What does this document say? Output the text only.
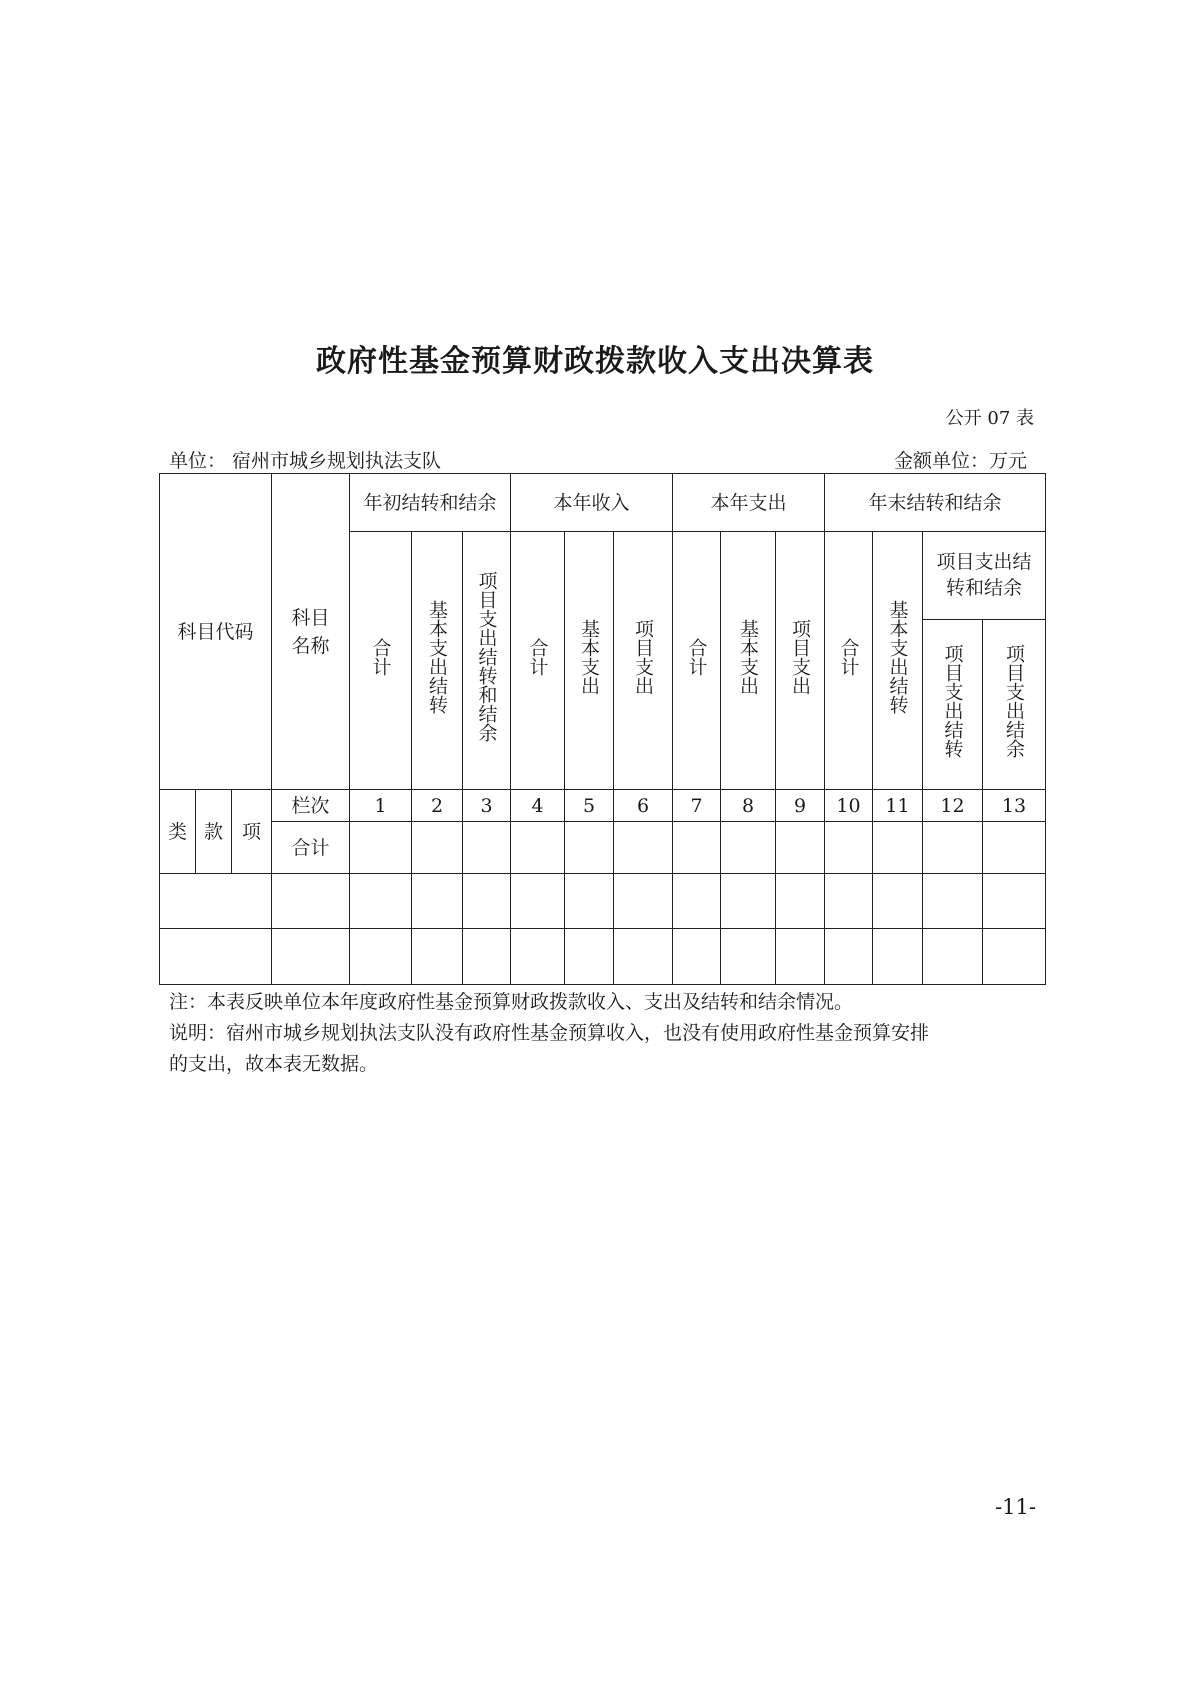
政府性基金预算财政拨款收入支出决算表
公开 07 表
单位： 宿州市城乡规划执法支队	金额单位：万元
科目代码			科目名称	年初结转和结余			本年收入			本年支出			年末结转和结余			
				合计	基本支出结转	项目支出结转和结余	合计	基本支出	项目支出	合计	基本支出	项目支出	合计	基本支出结转	项目支出结转和结余	
															项目支出结转	项目支出结余
类	款	项	栏次	1	2	3	4	5	6	7	8	9	10	11	12	13
			合计													

注：本表反映单位本年度政府性基金预算财政拨款收入、支出及结转和结余情况。
说明：宿州市城乡规划执法支队没有政府性基金预算收入，也没有使用政府性基金预算安排
的支出，故本表无数据。
-11-
